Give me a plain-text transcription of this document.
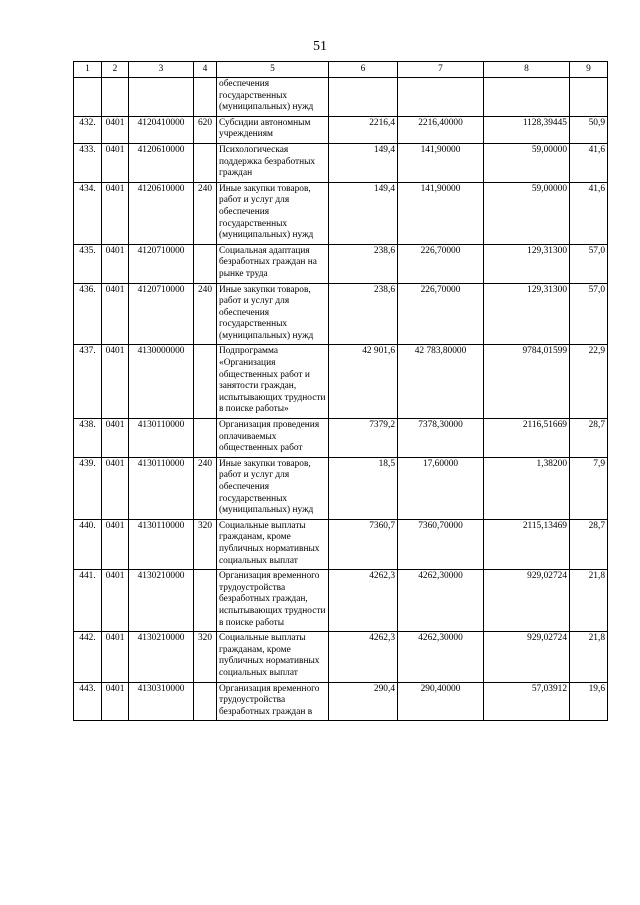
51
1	2	3	4	5	6	7	8	9
				обеспечения государственных (муниципальных) нужд				
432.	0401	4120410000	620	Субсидии автономным учреждениям	2216,4	2216,40000	1128,39445	50,9
433.	0401	4120610000		Психологическая поддержка безработных граждан	149,4	141,90000	59,00000	41,6
434.	0401	4120610000	240	Иные закупки товаров, работ и услуг для обеспечения государственных (муниципальных) нужд	149,4	141,90000	59,00000	41,6
435.	0401	4120710000		Социальная адаптация безработных граждан на рынке труда	238,6	226,70000	129,31300	57,0
436.	0401	4120710000	240	Иные закупки товаров, работ и услуг для обеспечения государственных (муниципальных) нужд	238,6	226,70000	129,31300	57,0
437.	0401	4130000000		Подпрограмма «Организация общественных работ и занятости граждан, испытывающих трудности в поиске работы»	42 901,6	42 783,80000	9784,01599	22,9
438.	0401	4130110000		Организация проведения оплачиваемых общественных работ	7379,2	7378,30000	2116,51669	28,7
439.	0401	4130110000	240	Иные закупки товаров, работ и услуг для обеспечения государственных (муниципальных) нужд	18,5	17,60000	1,38200	7,9
440.	0401	4130110000	320	Социальные выплаты гражданам, кроме публичных нормативных социальных выплат	7360,7	7360,70000	2115,13469	28,7
441.	0401	4130210000		Организация временного трудоустройства безработных граждан, испытывающих трудности в поиске работы	4262,3	4262,30000	929,02724	21,8
442.	0401	4130210000	320	Социальные выплаты гражданам, кроме публичных нормативных социальных выплат	4262,3	4262,30000	929,02724	21,8
443.	0401	4130310000		Организация временного трудоустройства безработных граждан в	290,4	290,40000	57,03912	19,6
